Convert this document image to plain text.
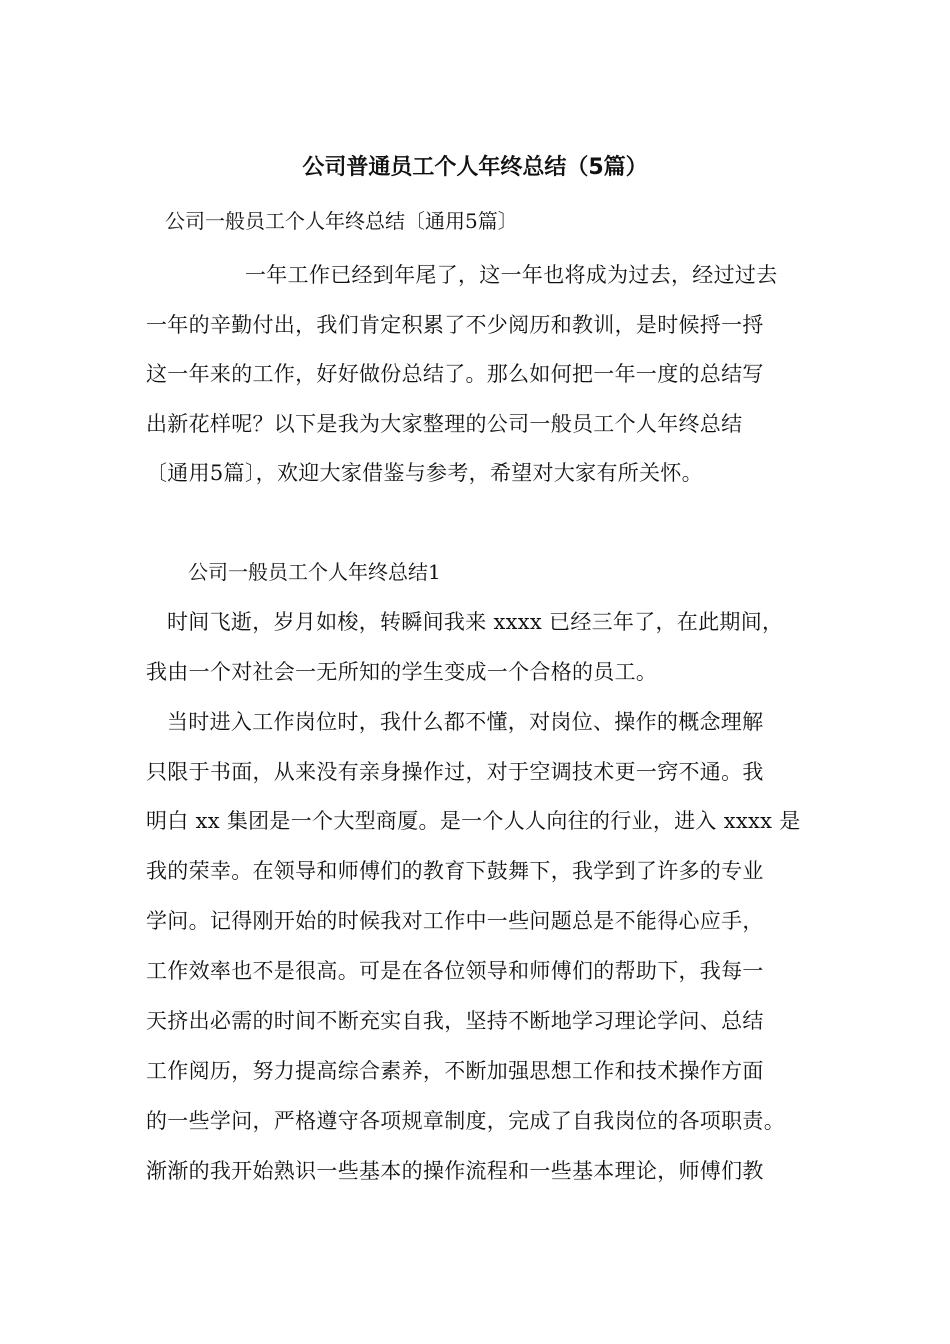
公司普通员工个人年终总结（5篇）
公司一般员工个人年终总结〔通用5篇〕
一年工作已经到年尾了，这一年也将成为过去，经过过去
一年的辛勤付出，我们肯定积累了不少阅历和教训，是时候捋一捋
这一年来的工作，好好做份总结了。那么如何把一年一度的总结写
出新花样呢？以下是我为大家整理的公司一般员工个人年终总结
〔通用5篇〕，欢迎大家借鉴与参考，希望对大家有所关怀。
公司一般员工个人年终总结1
时间飞逝，岁月如梭，转瞬间我来 xxxx 已经三年了，在此期间，
我由一个对社会一无所知的学生变成一个合格的员工。
当时进入工作岗位时，我什么都不懂，对岗位、操作的概念理解
只限于书面，从来没有亲身操作过，对于空调技术更一窍不通。我
明白 xx 集团是一个大型商厦。是一个人人向往的行业，进入 xxxx 是
我的荣幸。在领导和师傅们的教育下鼓舞下，我学到了许多的专业
学问。记得刚开始的时候我对工作中一些问题总是不能得心应手，
工作效率也不是很高。可是在各位领导和师傅们的帮助下，我每一
天挤出必需的时间不断充实自我，坚持不断地学习理论学问、总结
工作阅历，努力提高综合素养，不断加强思想工作和技术操作方面
的一些学问，严格遵守各项规章制度，完成了自我岗位的各项职责。
渐渐的我开始熟识一些基本的操作流程和一些基本理论，师傅们教
